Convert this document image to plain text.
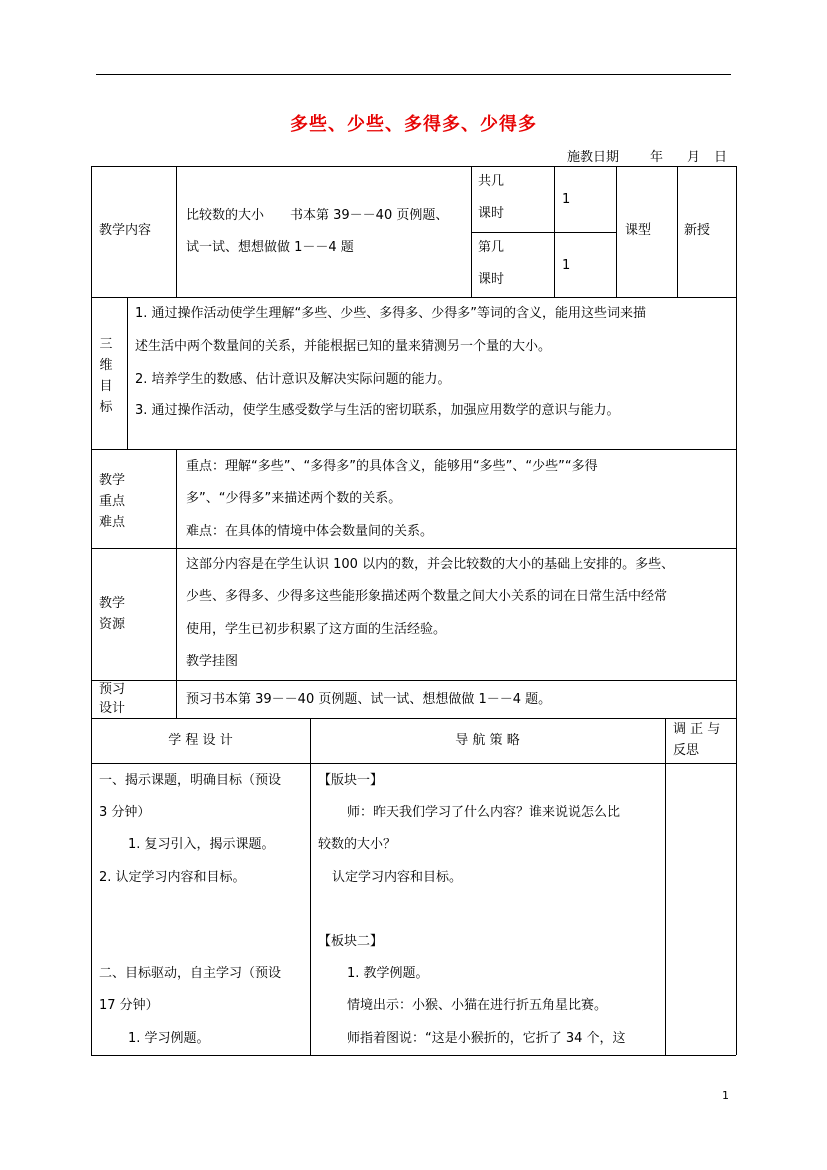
多些、少些、多得多、少得多
施教日期 年 月 日
教学内容
比较数的大小　　书本第 39－－40 页例题、
试一试、想想做做 1－－4 题
共几
课时
1
第几
课时
1
课型	新授
三
维
目
标
1. 通过操作活动使学生理解“多些、少些、多得多、少得多”等词的含义，能用这些词来描
述生活中两个数量间的关系，并能根据已知的量来猜测另一个量的大小。
2. 培养学生的数感、估计意识及解决实际问题的能力。
3. 通过操作活动，使学生感受数学与生活的密切联系，加强应用数学的意识与能力。
教学
重点
难点
重点：理解“多些”、“多得多”的具体含义，能够用“多些”、“少些”“多得
多”、“少得多”来描述两个数的关系。
难点：在具体的情境中体会数量间的关系。
教学
资源
这部分内容是在学生认识 100 以内的数，并会比较数的大小的基础上安排的。多些、
少些、多得多、少得多这些能形象描述两个数量之间大小关系的词在日常生活中经常
使用，学生已初步积累了这方面的生活经验。
教学挂图
预习
设计
预习书本第 39－－40 页例题、试一试、想想做做 1－－4 题。
学 程 设 计	导 航 策 略
调 正 与
反思
一、揭示课题，明确目标（预设
3 分钟）
1. 复习引入，揭示课题。
2. 认定学习内容和目标。
二、目标驱动，自主学习（预设
17 分钟）
1. 学习例题。
【版块一】
师：昨天我们学习了什么内容？谁来说说怎么比
较数的大小？
认定学习内容和目标。
【板块二】
1. 教学例题。
情境出示：小猴、小猫在进行折五角星比赛。
师指着图说：“这是小猴折的，它折了 34 个，这
1
